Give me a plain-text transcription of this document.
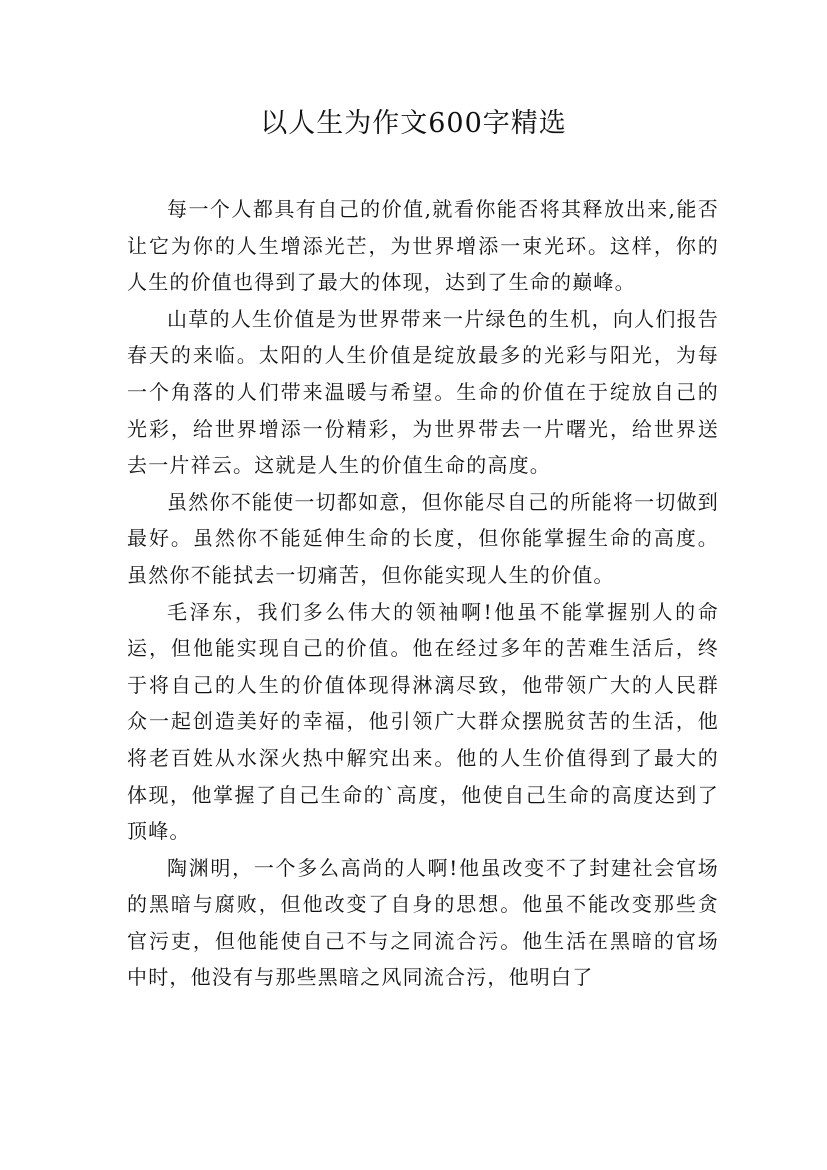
以人生为作文600字精选

每一个人都具有自己的价值,就看你能否将其释放出来,能否让它为你的人生增添光芒，为世界增添一束光环。这样，你的人生的价值也得到了最大的体现，达到了生命的巅峰。

山草的人生价值是为世界带来一片绿色的生机，向人们报告春天的来临。太阳的人生价值是绽放最多的光彩与阳光，为每一个角落的人们带来温暖与希望。生命的价值在于绽放自己的光彩，给世界增添一份精彩，为世界带去一片曙光，给世界送去一片祥云。这就是人生的价值生命的高度。

虽然你不能使一切都如意，但你能尽自己的所能将一切做到最好。虽然你不能延伸生命的长度，但你能掌握生命的高度。虽然你不能拭去一切痛苦，但你能实现人生的价值。

毛泽东，我们多么伟大的领袖啊!他虽不能掌握别人的命运，但他能实现自己的价值。他在经过多年的苦难生活后，终于将自己的人生的价值体现得淋漓尽致，他带领广大的人民群众一起创造美好的幸福，他引领广大群众摆脱贫苦的生活，他将老百姓从水深火热中解究出来。他的人生价值得到了最大的体现，他掌握了自己生命的`高度，他使自己生命的高度达到了顶峰。

陶渊明，一个多么高尚的人啊!他虽改变不了封建社会官场的黑暗与腐败，但他改变了自身的思想。他虽不能改变那些贪官污吏，但他能使自己不与之同流合污。他生活在黑暗的官场中时，他没有与那些黑暗之风同流合污，他明白了
